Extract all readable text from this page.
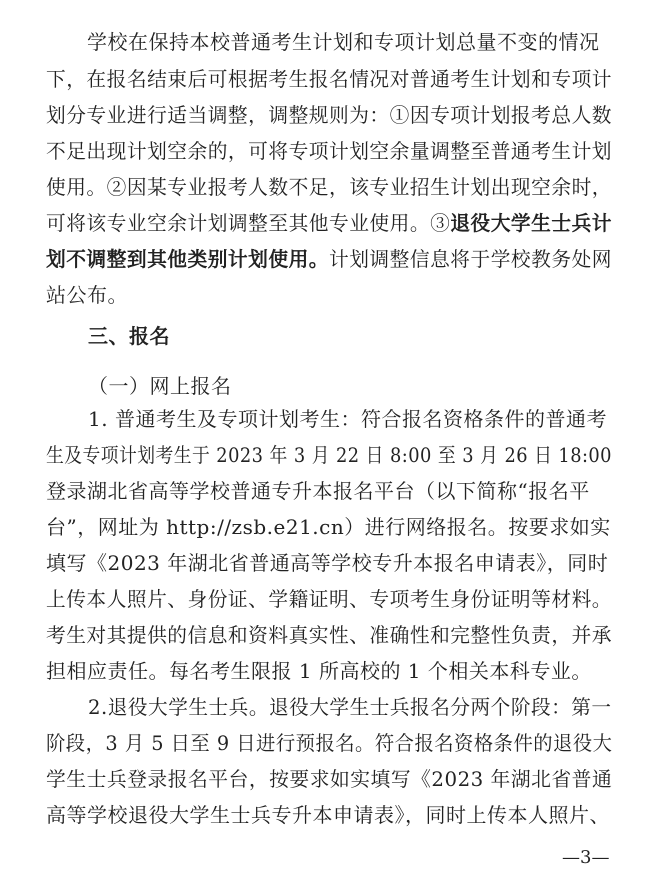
学校在保持本校普通考生计划和专项计划总量不变的情况
下，在报名结束后可根据考生报名情况对普通考生计划和专项计
划分专业进行适当调整，调整规则为：①因专项计划报考总人数
不足出现计划空余的，可将专项计划空余量调整至普通考生计划
使用。②因某专业报考人数不足，该专业招生计划出现空余时，
可将该专业空余计划调整至其他专业使用。③退役大学生士兵计
划不调整到其他类别计划使用。计划调整信息将于学校教务处网
站公布。
三、报名
（一）网上报名
1. 普通考生及专项计划考生：符合报名资格条件的普通考
生及专项计划考生于 2023 年 3 月 22 日 8:00 至 3 月 26 日 18:00
登录湖北省高等学校普通专升本报名平台（以下简称“报名平
台”，网址为 http://zsb.e21.cn）进行网络报名。按要求如实
填写《2023 年湖北省普通高等学校专升本报名申请表》，同时
上传本人照片、身份证、学籍证明、专项考生身份证明等材料。
考生对其提供的信息和资料真实性、准确性和完整性负责，并承
担相应责任。每名考生限报 1 所高校的 1 个相关本科专业。
2.退役大学生士兵。退役大学生士兵报名分两个阶段：第一
阶段，3 月 5 日至 9 日进行预报名。符合报名资格条件的退役大
学生士兵登录报名平台，按要求如实填写《2023 年湖北省普通
高等学校退役大学生士兵专升本申请表》，同时上传本人照片、
—3—
